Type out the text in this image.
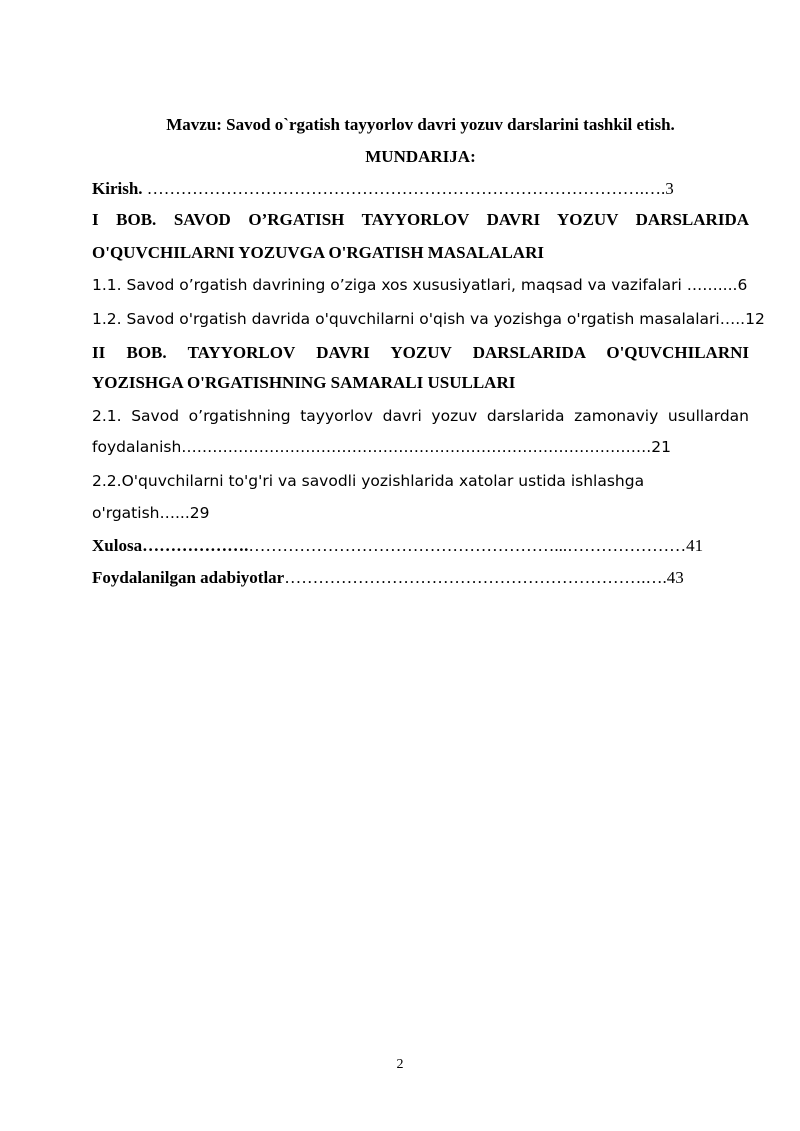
Mavzu: Savod o`rgatish tayyorlov davri yozuv darslarini tashkil etish.
MUNDARIJA:
Kirish. …………………………………………………………………………….….3
I BOB. SAVOD O’RGATISH TAYYORLOV DAVRI YOZUV DARSLARIDA
O'QUVCHILARNI YOZUVGA O'RGATISH MASALALARI
1.1. Savod o’rgatish davrining o’ziga xos xususiyatlari, maqsad va vazifalari ……....6
1.2. Savod o'rgatish davrida o'quvchilarni o'qish va yozishga o'rgatish masalalari…..12
II BOB. TAYYORLOV DAVRI YOZUV DARSLARIDA O'QUVCHILARNI
YOZISHGA O'RGATISHNING SAMARALI USULLARI
2.1. Savod o’rgatishning tayyorlov davri yozuv darslarida zamonaviy usullardan
foydalanish……………………………………………………………………………….21
2.2.O'quvchilarni to'g'ri va savodli yozishlarida xatolar ustida ishlashga
o'rgatish…...29
Xulosa……………….………………………………………………...…………………41
Foydalanilgan adabiyotlar……………………………………………………….….43
2
